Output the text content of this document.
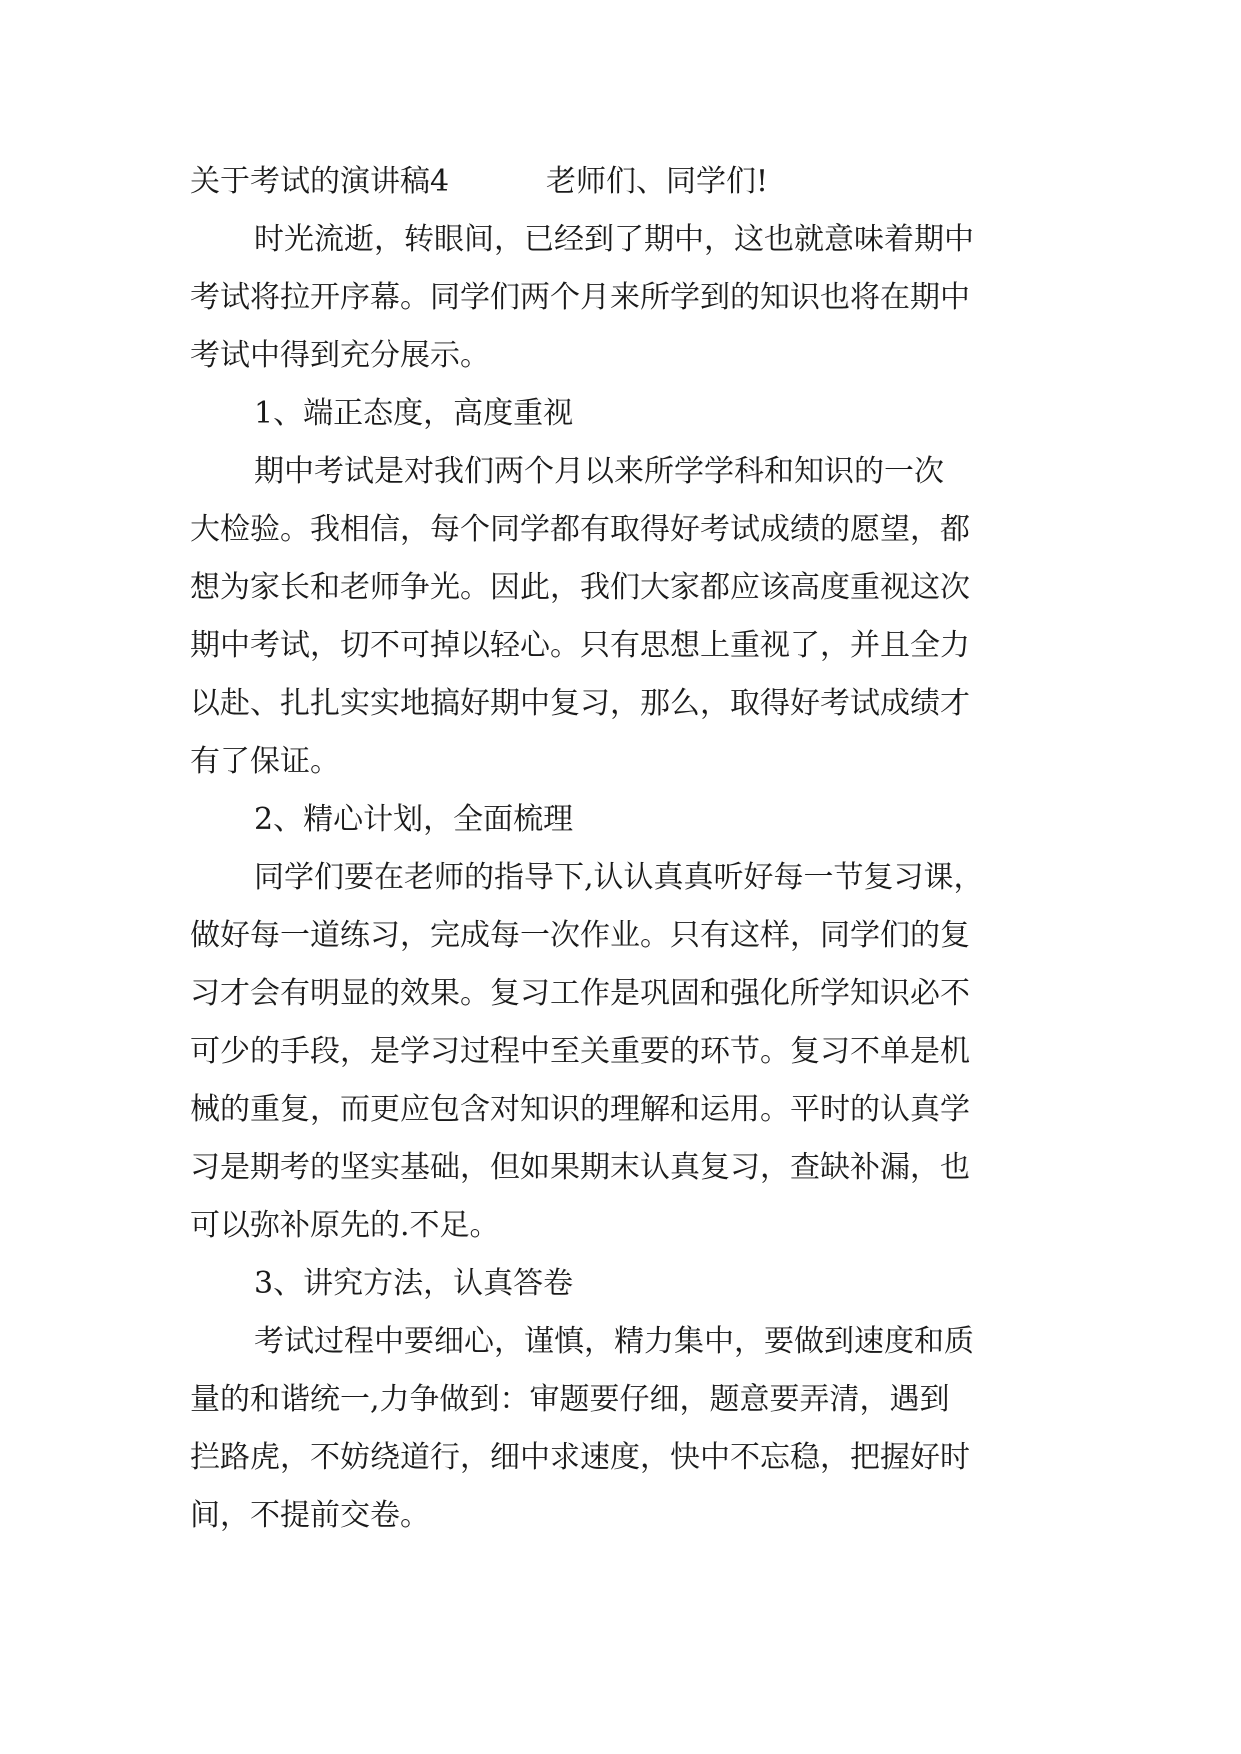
关于考试的演讲稿4	老师们、同学们!
时光流逝，转眼间，已经到了期中，这也就意味着期中
考试将拉开序幕。同学们两个月来所学到的知识也将在期中
考试中得到充分展示。
1、端正态度，高度重视
期中考试是对我们两个月以来所学学科和知识的一次
大检验。我相信，每个同学都有取得好考试成绩的愿望，都
想为家长和老师争光。因此，我们大家都应该高度重视这次
期中考试，切不可掉以轻心。只有思想上重视了，并且全力
以赴、扎扎实实地搞好期中复习，那么，取得好考试成绩才
有了保证。
2、精心计划，全面梳理
同学们要在老师的指导下,认认真真听好每一节复习课，
做好每一道练习，完成每一次作业。只有这样，同学们的复
习才会有明显的效果。复习工作是巩固和强化所学知识必不
可少的手段，是学习过程中至关重要的环节。复习不单是机
械的重复，而更应包含对知识的理解和运用。平时的认真学
习是期考的坚实基础，但如果期末认真复习，查缺补漏，也
可以弥补原先的.不足。
3、讲究方法，认真答卷
考试过程中要细心，谨慎，精力集中，要做到速度和质
量的和谐统一,力争做到：审题要仔细，题意要弄清，遇到
拦路虎，不妨绕道行，细中求速度，快中不忘稳，把握好时
间，不提前交卷。
